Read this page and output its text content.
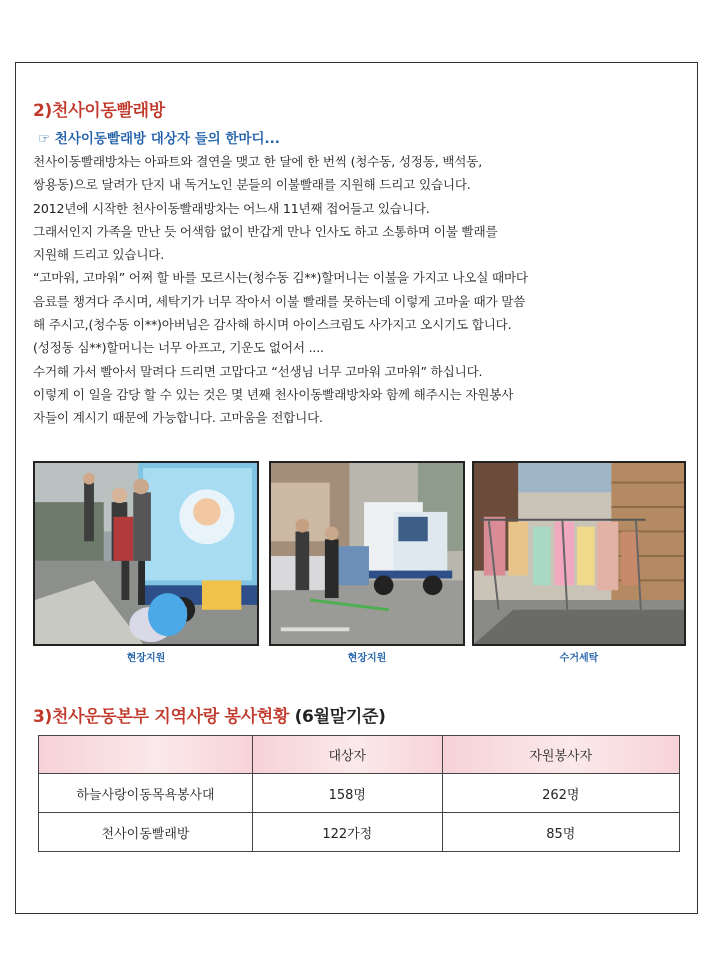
2)천사이동빨래방
☞ 천사이동빨래방 대상자 들의 한마디...

천사이동빨래방차는 아파트와 결연을 맺고 한 달에 한 번씩 (청수동, 성정동, 백석동,

쌍용동)으로 달려가 단지 내 독거노인 분들의 이불빨래를 지원해 드리고 있습니다.

2012년에 시작한 천사이동빨래방차는 어느새 11년째 접어들고 있습니다.

그래서인지 가족을 만난 듯 어색함 없이 반갑게 만나 인사도 하고 소통하며 이불 빨래를

지원해 드리고 있습니다.

“고마워, 고마워” 어쩌 할 바를 모르시는(청수동 김**)할머니는 이불을 가지고 나오실 때마다

음료를 챙겨다 주시며, 세탁기가 너무 작아서 이불 빨래를 못하는데 이렇게 고마울 때가 말씀

해 주시고,(청수동 이**)아버님은 감사해 하시며 아이스크림도 사가지고 오시기도 합니다.

(성정동 심**)할머니는 너무 아프고, 기운도 없어서 ....

수거해 가서 빨아서 말려다 드리면 고맙다고 “선생님 너무 고마워 고마워” 하십니다.

이렇게 이 일을 감당 할 수 있는 것은 몇 년째 천사이동빨래방차와 함께 해주시는 자원봉사

자들이 계시기 때문에 가능합니다. 고마움을 전합니다.

현장지원	현장지원	수거세탁
3)천사운동본부 지역사랑 봉사현황 (6월말기준)
	대상자	자원봉사자
하늘사랑이동목욕봉사대	158명	262명
천사이동빨래방	122가정	85명
